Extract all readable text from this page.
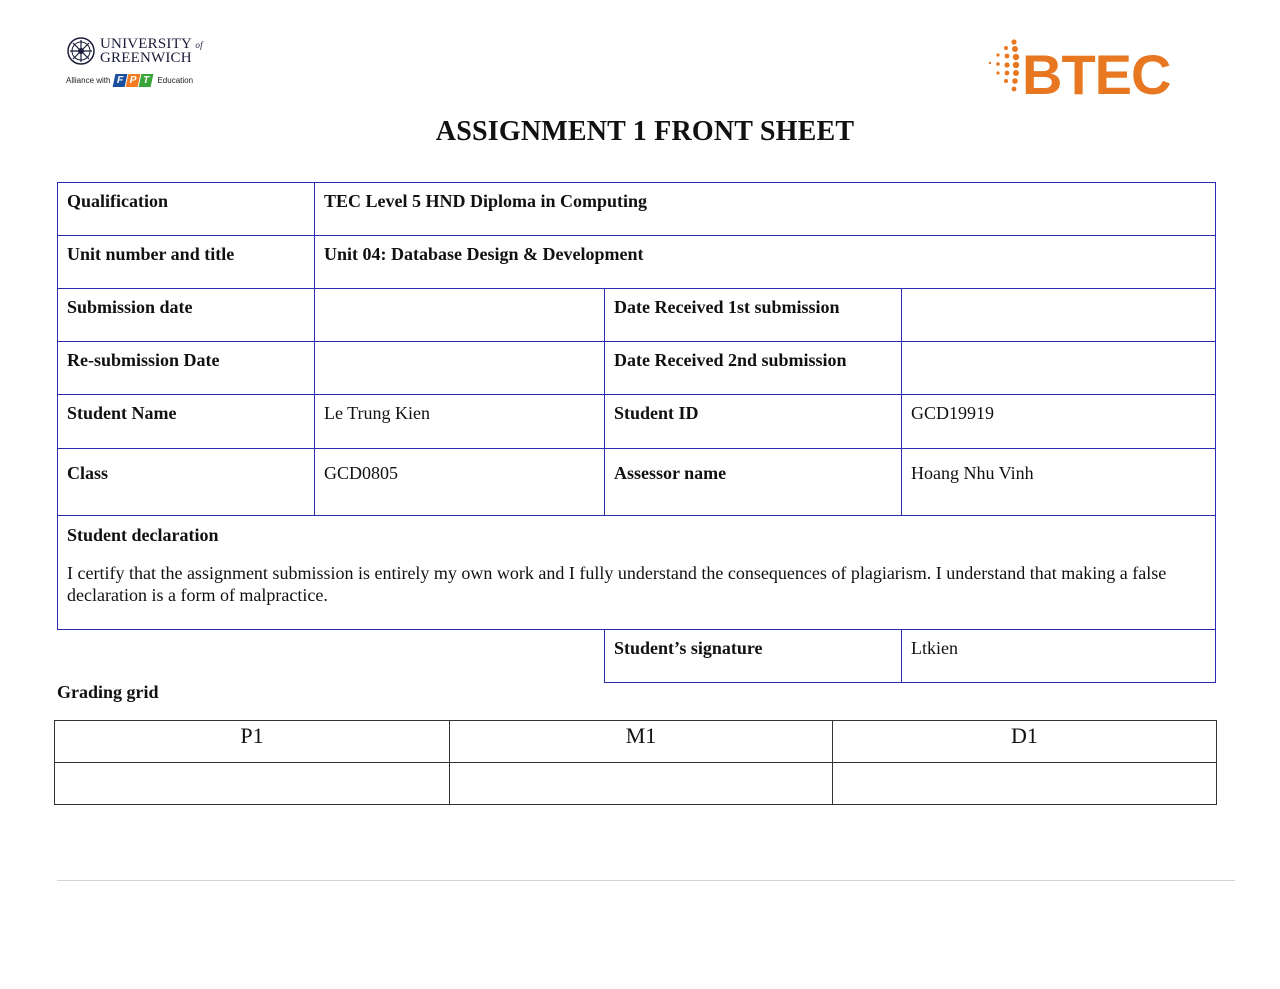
UNIVERSITY of
GREENWICH
Alliance with F P T Education	BTEC
ASSIGNMENT 1 FRONT SHEET
Qualification	TEC Level 5 HND Diploma in Computing		
Unit number and title	Unit 04: Database Design & Development		
Submission date		Date Received 1st submission	
Re-submission Date		Date Received 2nd submission	
Student Name	Le Trung Kien	Student ID	GCD19919
Class	GCD0805	Assessor name	Hoang Nhu Vinh

Student declaration

I certify that the assignment submission is entirely my own work and I fully understand the consequences of plagiarism. I understand that making a false declaration is a form of malpractice.			

		Student’s signature	Ltkien
Grading grid
P1	M1	D1
